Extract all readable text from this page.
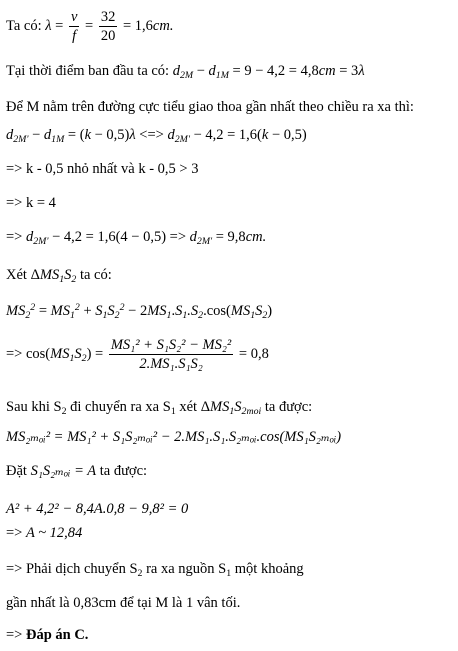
Ta có: $\lambda = \frac{v}{f} = \frac{32}{20} = 1,6cm$.
Tại thời điểm ban đầu ta có: $d_{2M} - d_{1M} = 9 - 4,2 = 4,8cm = 3\lambda$
Để M nằm trên đường cực tiểu giao thoa gần nhất theo chiều ra xa thì:
$d_{2M'} - d_{1M} = (k - 0,5)\lambda$ <=> $d_{2M'} - 4,2 = 1,6(k - 0,5)$
=> k - 0,5 nhỏ nhất và k - 0,5 > 3
=> k = 4
=> $d_{2M'} - 4,2 = 1,6(4 - 0,5) => d_{2M'} = 9,8cm$.
Xét $\Delta MS_1S_2$ ta có:
$MS_2^2 = MS_1^2 + S_1S_2^2 - 2MS_1.S_1.S_2.\cos(MS_1S_2)$
=> $\cos(MS_1S_2) = \frac{\text{MS₁² + S₁S₂² − MS₂²}}{\text{2.MS₁.S₁S₂}} = 0,8$
Sau khi $S_2$ đi chuyển ra xa $S_1$ xét $\Delta MS_1S_{2moi}$ ta được:
MS₂ₘₒᵢ² = MS₁² + S₁S₂ₘₒᵢ² − 2.MS₁.S₁.S₂ₘₒᵢ.cos(MS₁S₂ₘₒᵢ)
Đặt S₁S₂ₘₒᵢ = A ta được:
A² + 4,2² − 8,4A.0,8 − 9,8² = 0
=> A ~ 12,84
=> Phải dịch chuyển $S_2$ ra xa nguồn $S_1$ một khoảng
gần nhất là 0,83cm để tại M là 1 vân tối.
=> Đáp án C.
